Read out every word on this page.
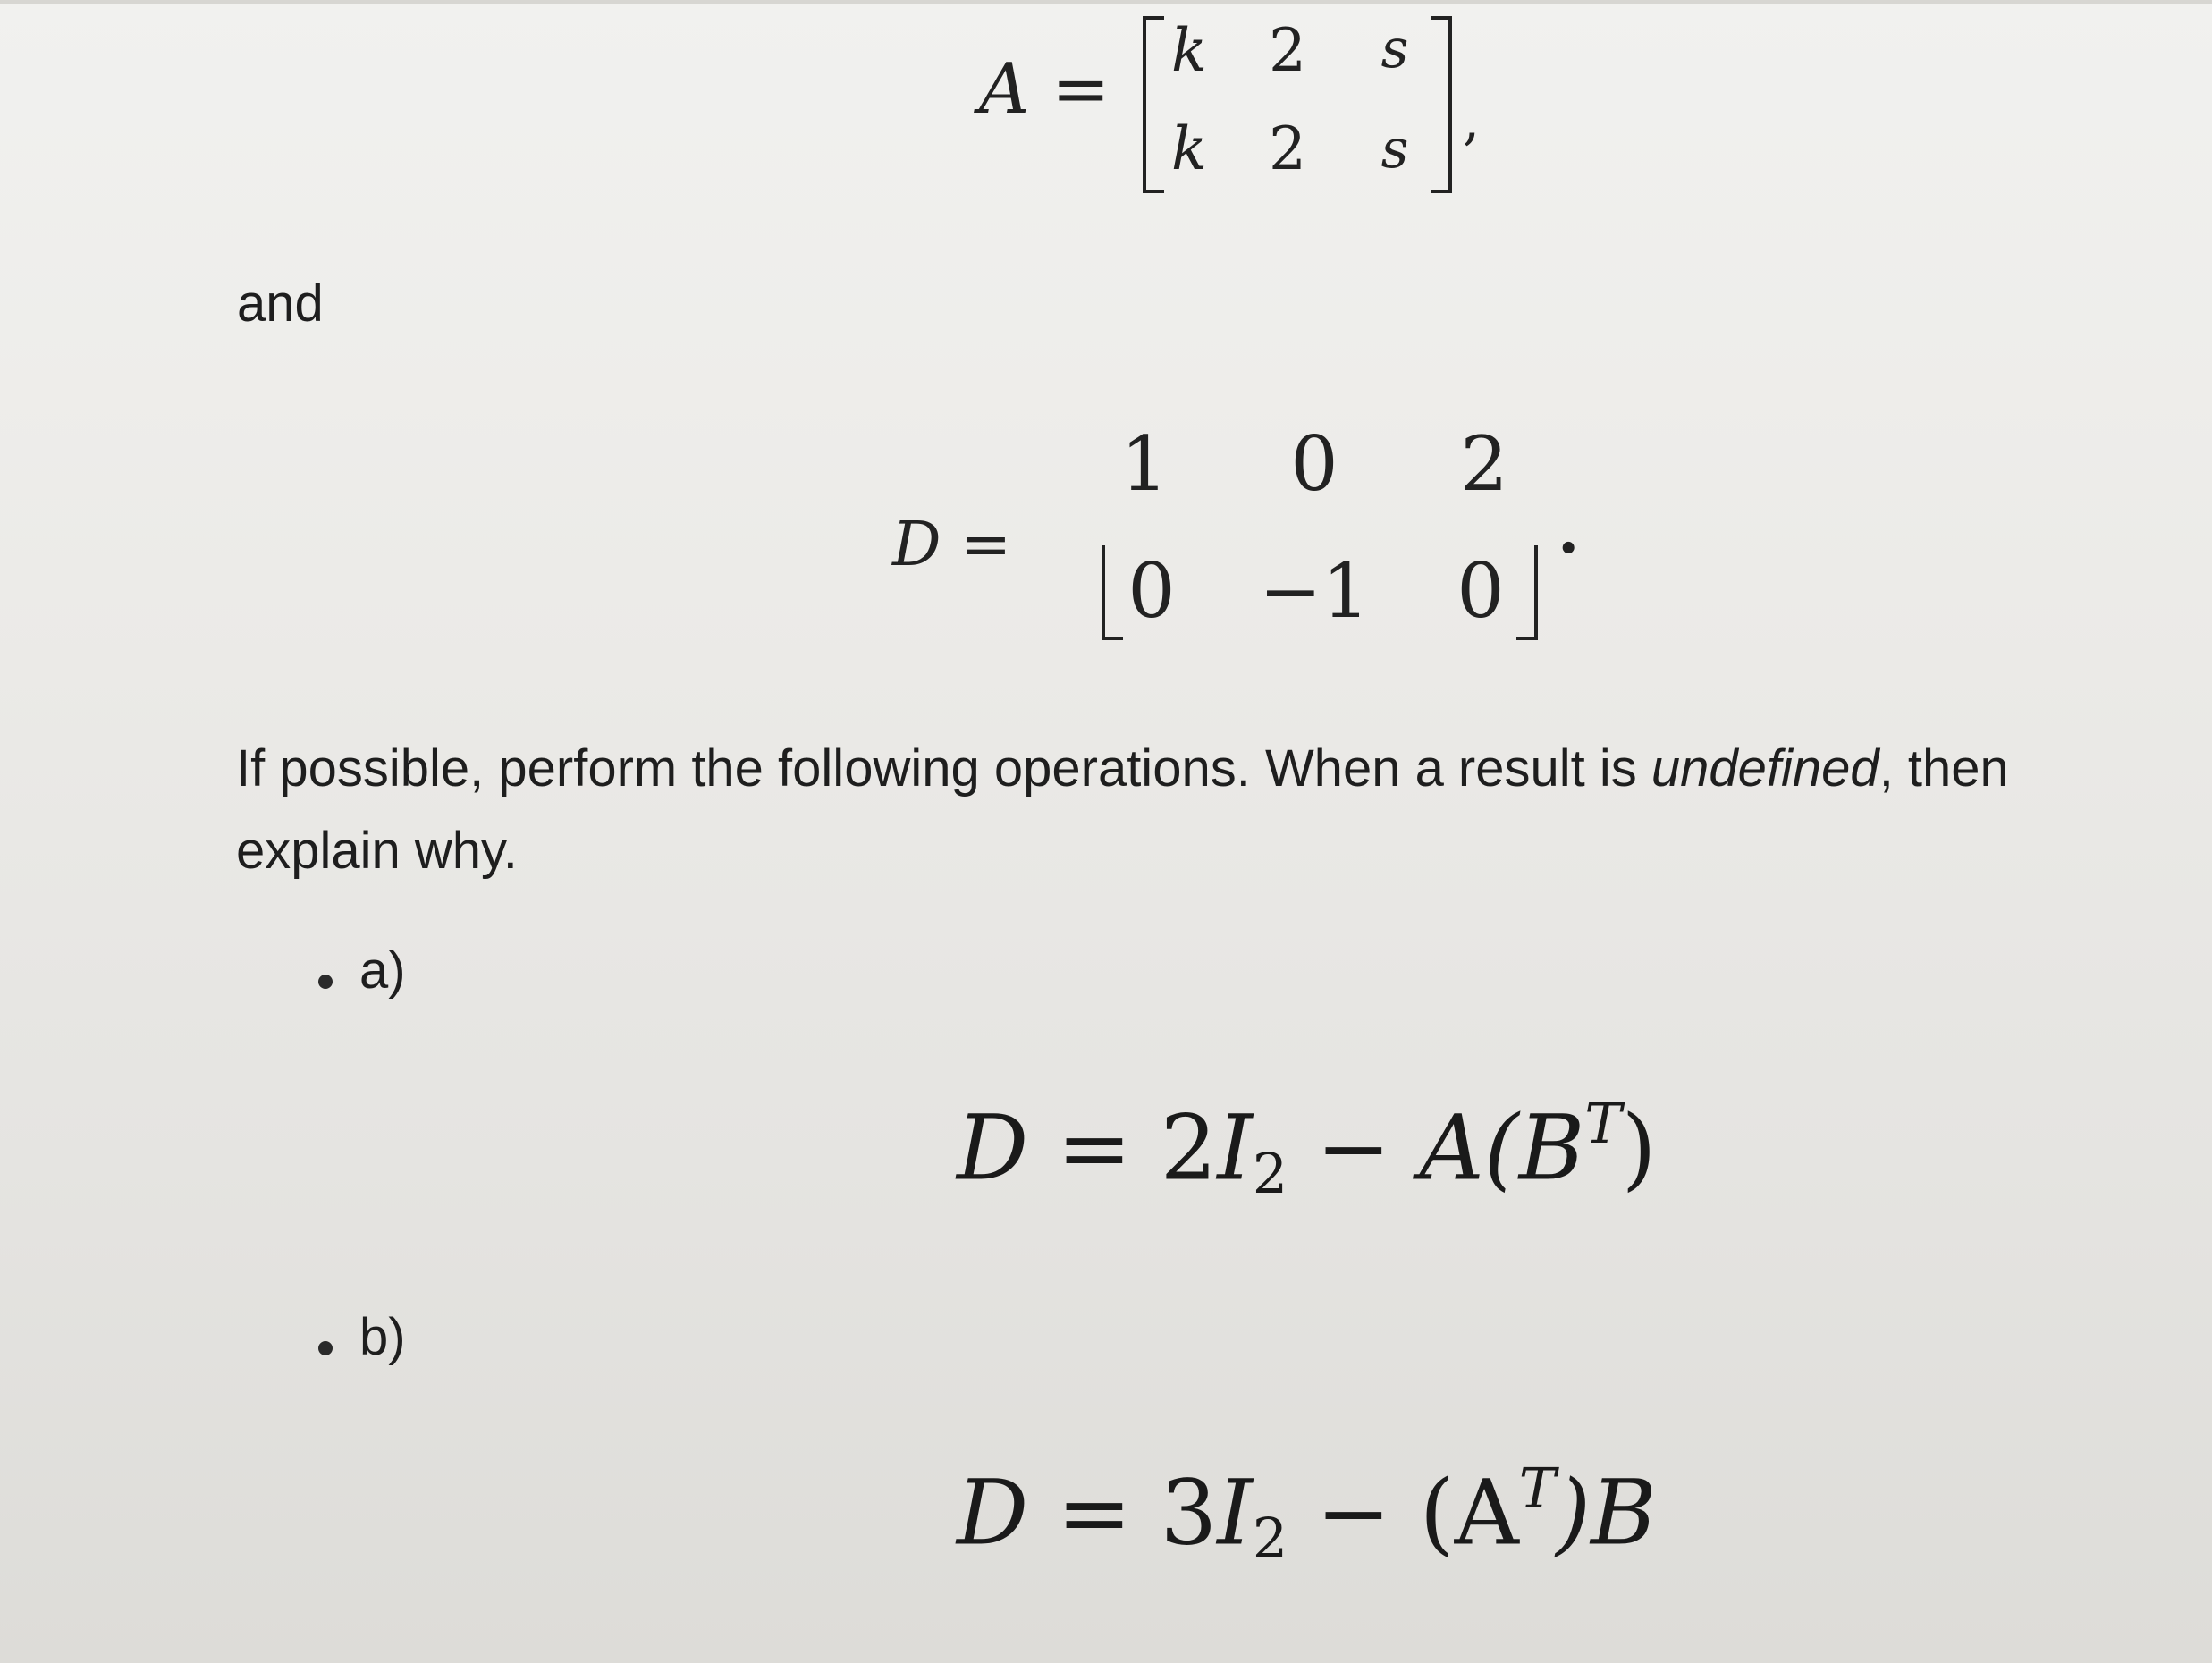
A =	k	2	s
k	2	s	,
and
D =
1 0 2
0 −1 0
.
If possible, perform the following operations. When a result is undefined, then
explain why.
a)
$D = 2I_2 - A(B^T)$
b)
$D = 3I_2 - (A^T)B$
